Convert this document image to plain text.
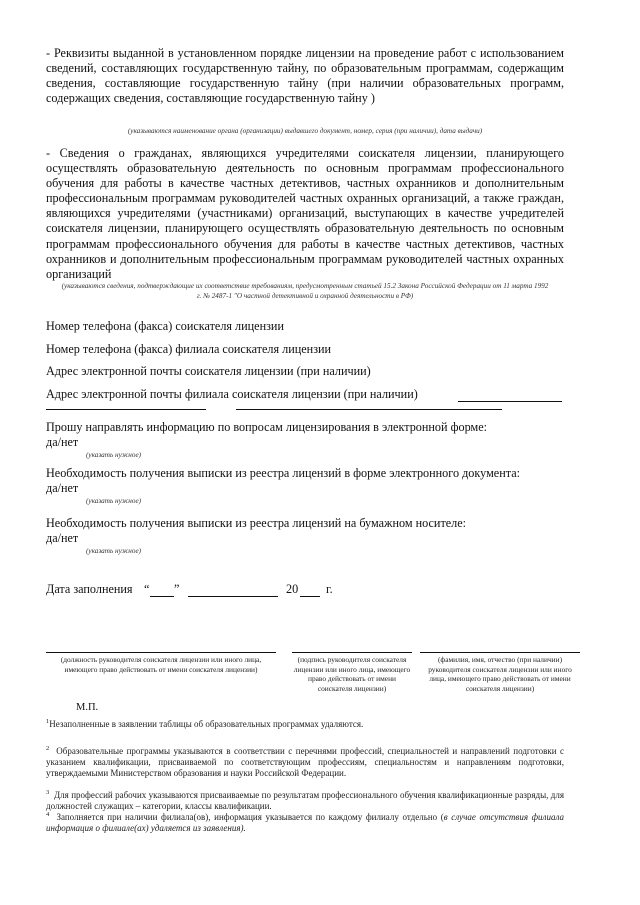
- Реквизиты выданной в установленном порядке лицензии на проведение работ с использованием сведений, составляющих государственную тайну, по образовательным программам, содержащим сведения, составляющие государственную тайну (при наличии образовательных программ, содержащих сведения, составляющие государственную тайну )
(указываются наименование органа (организации) выдавшего документ, номер, серия (при наличии), дата выдачи)
- Сведения о гражданах, являющихся учредителями соискателя лицензии, планирующего осуществлять образовательную деятельность по основным программам профессионального обучения для работы в качестве частных детективов, частных охранников и дополнительным профессиональным программам руководителей частных охранных организаций, а также граждан, являющихся учредителями (участниками) организаций, выступающих в качестве учредителей соискателя лицензии, планирующего осуществлять образовательную деятельность по основным программам профессионального обучения для работы в качестве частных детективов, частных охранников и дополнительным профессиональным программам руководителей частных охранных организаций
(указываются сведения, подтверждающие их соответствие требованиям, предусмотренным статьей 15.2 Закона Российской Федерации от 11 марта 1992 г. № 2487-1 "О частной детективной и охранной деятельности в РФ)
Номер телефона (факса) соискателя лицензии
Номер телефона (факса) филиала соискателя лицензии
Адрес электронной почты соискателя лицензии (при наличии)
Адрес электронной почты филиала соискателя лицензии (при наличии)
Прошу направлять информацию по вопросам лицензирования в электронной форме:
да/нет
(указать нужное)
Необходимость получения выписки из реестра лицензий в форме электронного документа:
да/нет
(указать нужное)
Необходимость получения выписки из реестра лицензий на бумажном носителе:
да/нет
(указать нужное)
Дата заполнения “ ”	20 г.
(должность руководителя соискателя лицензии или иного лица, имеющего право действовать от имени соискателя лицензии)
(подпись руководителя соискателя лицензии или иного лица, имеющего право действовать от имени соискателя лицензии)
(фамилия, имя, отчество (при наличии) руководителя соискателя лицензии или иного лица, имеющего право действовать от имени соискателя лицензии)
М.П.
$^1$Незаполненные в заявлении таблицы об образовательных программах удаляются.
$^2$ Образовательные программы указываются в соответствии с перечнями профессий, специальностей и направлений подготовки с указанием квалификации, присваиваемой по соответствующим профессиям, специальностям и направлениям подготовки, утверждаемыми Министерством образования и науки Российской Федерации.
$^3$ Для профессий рабочих указываются присваиваемые по результатам профессионального обучения квалификационные разряды, для должностей служащих – категории, классы квалификации.
$^4$ Заполняется при наличии филиала(ов), информация указывается по каждому филиалу отдельно (в случае отсутствия филиала информация о филиале(ах) удаляется из заявления).
